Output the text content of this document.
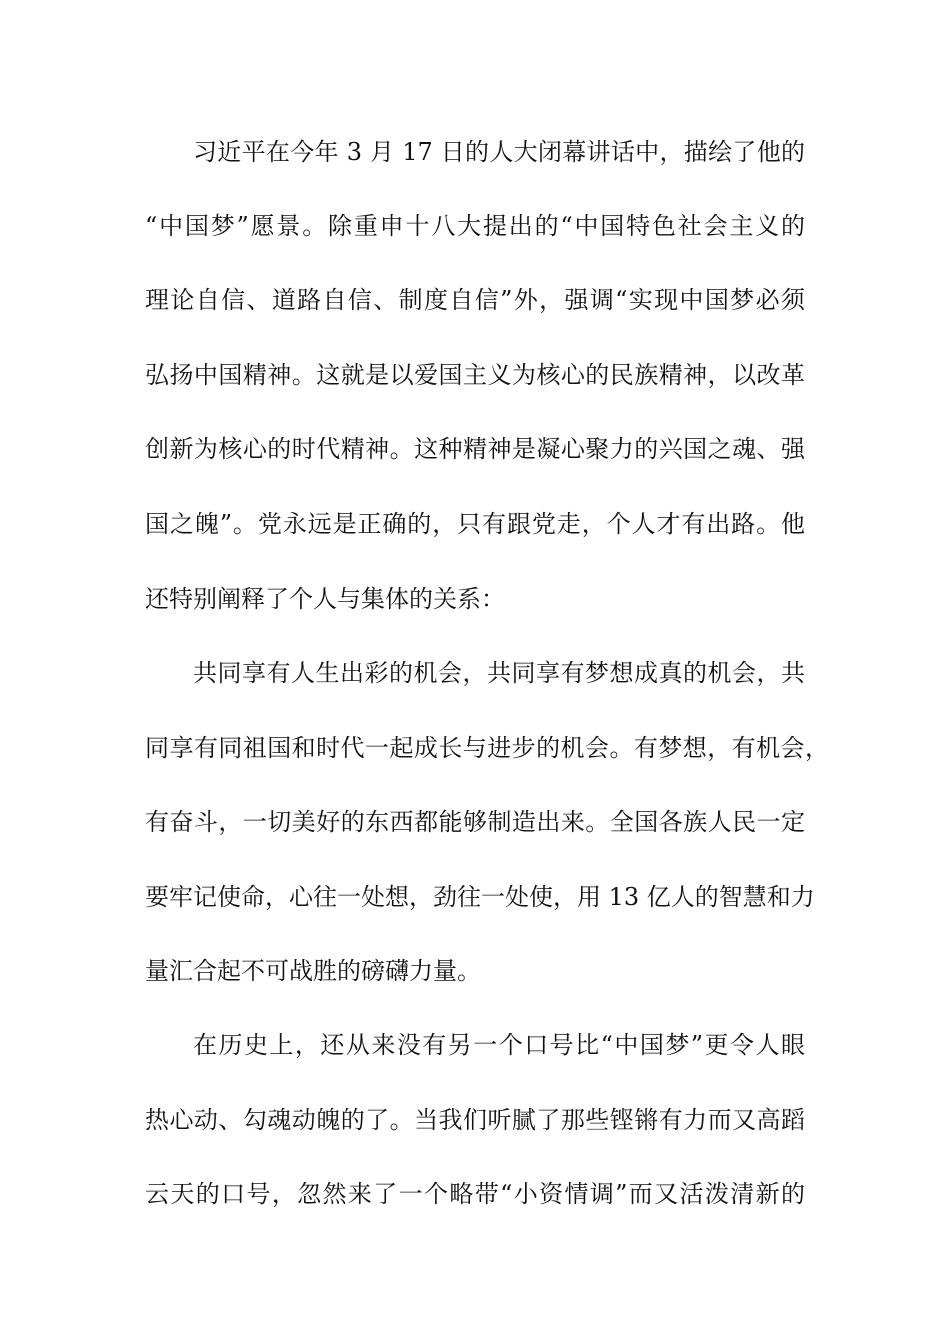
习近平在今年 3 月 17 日的人大闭幕讲话中，描绘了他的
“中国梦”愿景。除重申十八大提出的“中国特色社会主义的
理论自信、道路自信、制度自信”外，强调“实现中国梦必须
弘扬中国精神。这就是以爱国主义为核心的民族精神，以改革
创新为核心的时代精神。这种精神是凝心聚力的兴国之魂、强
国之魄”。党永远是正确的，只有跟党走，个人才有出路。他
还特别阐释了个人与集体的关系：
共同享有人生出彩的机会，共同享有梦想成真的机会，共
同享有同祖国和时代一起成长与进步的机会。有梦想，有机会，
有奋斗，一切美好的东西都能够制造出来。全国各族人民一定
要牢记使命，心往一处想，劲往一处使，用 13 亿人的智慧和力
量汇合起不可战胜的磅礴力量。
在历史上，还从来没有另一个口号比“中国梦”更令人眼
热心动、勾魂动魄的了。当我们听腻了那些铿锵有力而又高蹈
云天的口号，忽然来了一个略带“小资情调”而又活泼清新的
